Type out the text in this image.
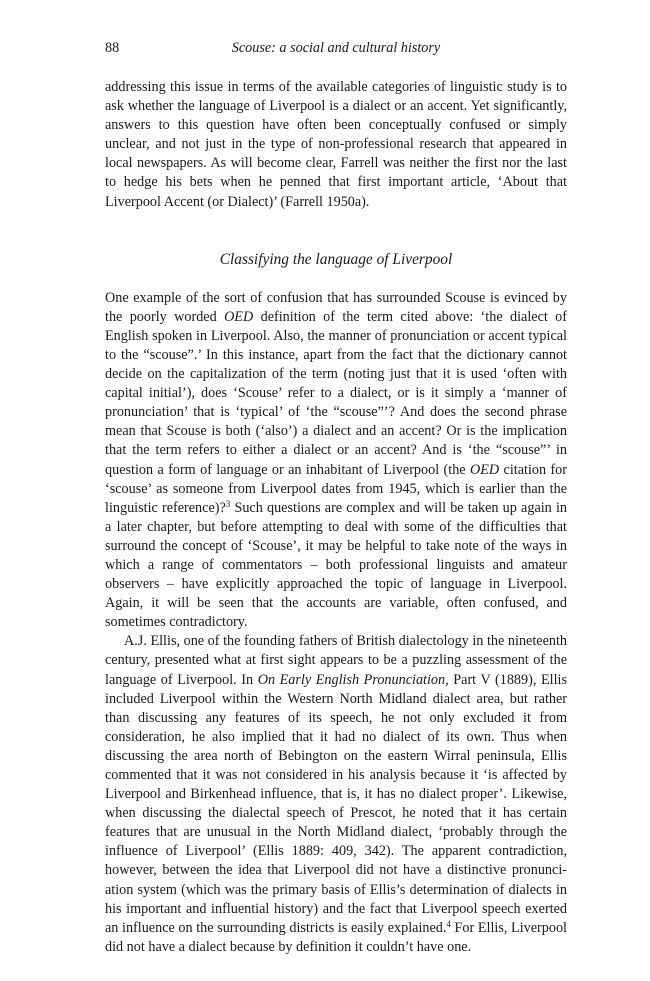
88	Scouse: a social and cultural history

addressing this issue in terms of the available categories of linguistic study is to ask whether the language of Liverpool is a dialect or an accent. Yet significantly, answers to this question have often been conceptually confused or simply unclear, and not just in the type of non-professional research that appeared in local newspapers. As will become clear, Farrell was neither the first nor the last to hedge his bets when he penned that first important article, ‘About that Liverpool Accent (or Dialect)’ (Farrell 1950a).

Classifying the language of Liverpool

One example of the sort of confusion that has surrounded Scouse is evinced by the poorly worded OED definition of the term cited above: ‘the dialect of English spoken in Liverpool. Also, the manner of pronunciation or accent typical to the “scouse”.’ In this instance, apart from the fact that the dictionary cannot decide on the capitalization of the term (noting just that it is used ‘often with capital initial’), does ‘Scouse’ refer to a dialect, or is it simply a ‘manner of pronunciation’ that is ‘typical’ of ‘the “scouse”’? And does the second phrase mean that Scouse is both (‘also’) a dialect and an accent? Or is the implication that the term refers to either a dialect or an accent? And is ‘the “scouse”’ in question a form of language or an inhabitant of Liverpool (the OED citation for ‘scouse’ as someone from Liverpool dates from 1945, which is earlier than the linguistic reference)?$^3$ Such questions are complex and will be taken up again in a later chapter, but before attempting to deal with some of the difficulties that surround the concept of ‘Scouse’, it may be helpful to take note of the ways in which a range of commentators – both professional linguists and amateur observers – have explicitly approached the topic of language in Liverpool. Again, it will be seen that the accounts are variable, often confused, and sometimes contradictory.

A.J. Ellis, one of the founding fathers of British dialectology in the nineteenth century, presented what at first sight appears to be a puzzling assessment of the language of Liverpool. In On Early English Pronunciation, Part V (1889), Ellis included Liverpool within the Western North Midland dialect area, but rather than discussing any features of its speech, he not only excluded it from consideration, he also implied that it had no dialect of its own. Thus when discussing the area north of Bebington on the eastern Wirral peninsula, Ellis commented that it was not considered in his analysis because it ‘is affected by Liverpool and Birkenhead influence, that is, it has no dialect proper’. Likewise, when discussing the dialectal speech of Prescot, he noted that it has certain features that are unusual in the North Midland dialect, ‘probably through the influence of Liverpool’ (Ellis 1889: 409, 342). The apparent contradiction, however, between the idea that Liverpool did not have a distinctive pronunciation system (which was the primary basis of Ellis’s determination of dialects in his important and influential history) and the fact that Liverpool speech exerted an influence on the surrounding districts is easily explained.$^4$ For Ellis, Liverpool did not have a dialect because by definition it couldn’t have one.
